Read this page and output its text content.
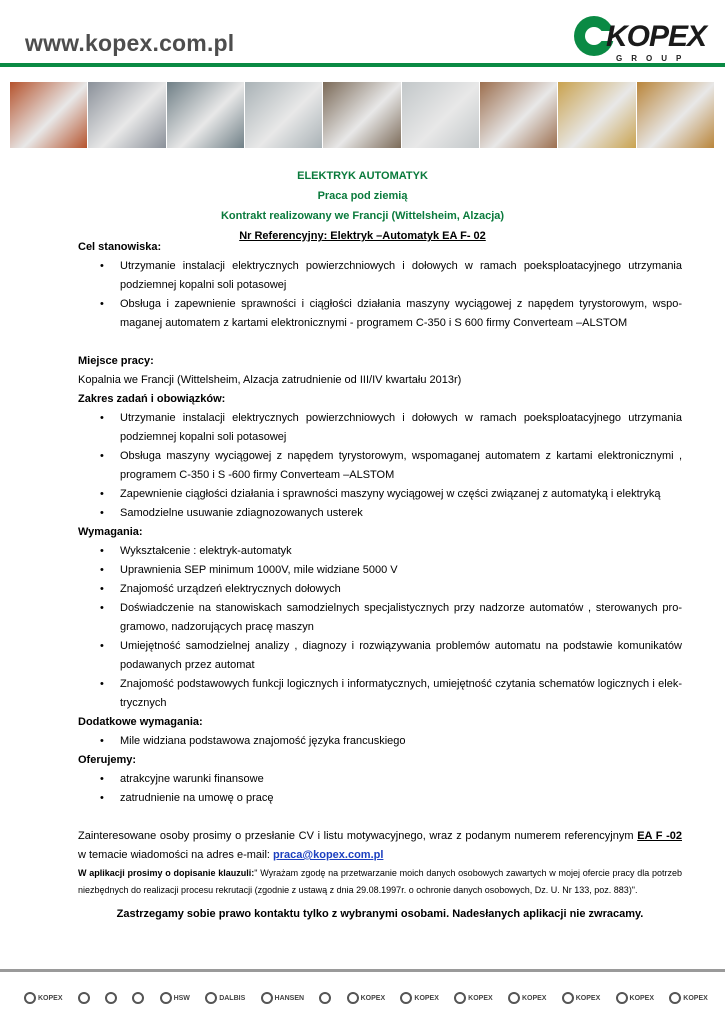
www.kopex.com.pl	KOPEX
GROUP
ELEKTRYK AUTOMATYK
Praca pod ziemią
Kontrakt realizowany we Francji (Wittelsheim, Alzacja)
Nr Referencyjny: Elektryk –Automatyk EA F- 02

Cel stanowiska:

• Utrzymanie instalacji elektrycznych powierzchniowych i dołowych w ramach poeksploatacyjnego utrzymania podziemnej kopalni soli potasowej
• Obsługa i zapewnienie sprawności i ciągłości działania maszyny wyciągowej z napędem tyrystorowym, wspo-maganej automatem z kartami elektronicznymi - programem C-350 i S 600 firmy Converteam –ALSTOM

Miejsce pracy:

Kopalnia we Francji (Wittelsheim, Alzacja zatrudnienie od III/IV kwartału 2013r)

Zakres zadań i obowiązków:

• Utrzymanie instalacji elektrycznych powierzchniowych i dołowych w ramach poeksploatacyjnego utrzymania podziemnej kopalni soli potasowej
• Obsługa maszyny wyciągowej z napędem tyrystorowym, wspomaganej automatem z kartami elektronicznymi , programem C-350 i S -600 firmy Converteam –ALSTOM
• Zapewnienie ciągłości działania i sprawności maszyny wyciągowej w części związanej z automatyką i elektryką
• Samodzielne usuwanie zdiagnozowanych usterek

Wymagania:

• Wykształcenie : elektryk-automatyk
• Uprawnienia SEP minimum 1000V, mile widziane 5000 V
• Znajomość urządzeń elektrycznych dołowych
• Doświadczenie na stanowiskach samodzielnych specjalistycznych przy nadzorze automatów , sterowanych pro-gramowo, nadzorujących pracę maszyn
• Umiejętność samodzielnej analizy , diagnozy i rozwiązywania problemów automatu na podstawie komunikatów podawanych przez automat
• Znajomość podstawowych funkcji logicznych i informatycznych, umiejętność czytania schematów logicznych i elek-trycznych

Dodatkowe wymagania:

• Mile widziana podstawowa znajomość języka francuskiego

Oferujemy:

• atrakcyjne warunki finansowe
• zatrudnienie na umowę o pracę

Zainteresowane osoby prosimy o przesłanie CV i listu motywacyjnego, wraz z podanym numerem referencyjnym EA F -02 w temacie wiadomości na adres e-mail: praca@kopex.com.pl

W aplikacji prosimy o dopisanie klauzuli:" Wyrażam zgodę na przetwarzanie moich danych osobowych zawartych w mojej ofercie pracy dla potrzeb niezbędnych do realizacji procesu rekrutacji (zgodnie z ustawą z dnia 29.08.1997r. o ochronie danych osobowych, Dz. U. Nr 133, poz. 883)".

Zastrzegamy sobie prawo kontaktu tylko z wybranymi osobami. Nadesłanych aplikacji nie zwracamy.
KOPEX	HSW	DALBIS	HANSEN	KOPEX	KOPEX	KOPEX	KOPEX	KOPEX	KOPEX	KOPEX
